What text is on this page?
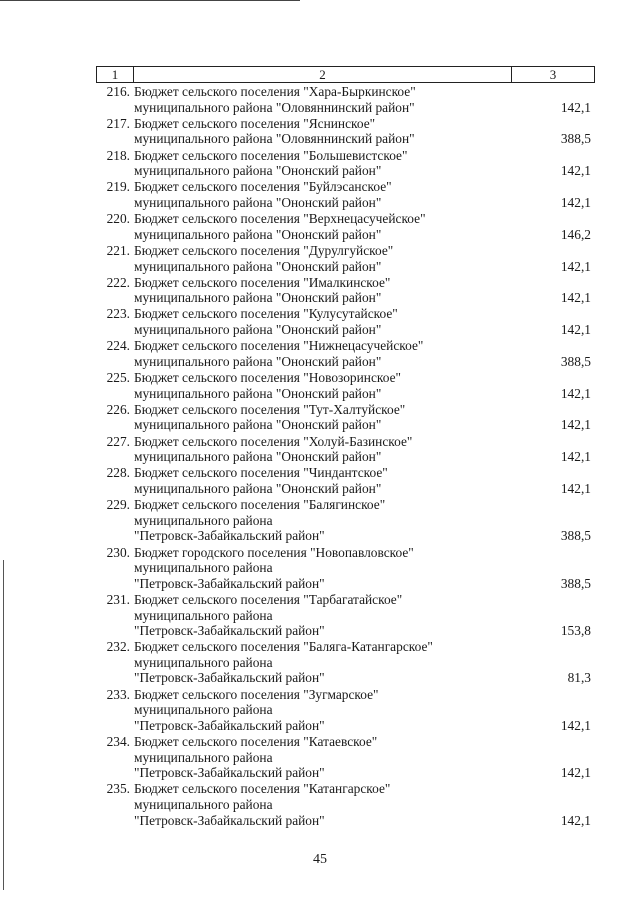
1	2	3
216. Бюджет сельского поселения "Хара-Быркинское"
муниципального района "Оловяннинский район"	142,1
217. Бюджет сельского поселения "Яснинское"
муниципального района "Оловяннинский район"	388,5
218. Бюджет сельского поселения "Большевистское"
муниципального района "Ононский район"	142,1
219. Бюджет сельского поселения "Буйлэсанское"
муниципального района "Ононский район"	142,1
220. Бюджет сельского поселения "Верхнецасучейское"
муниципального района "Ононский район"	146,2
221. Бюджет сельского поселения "Дурулгуйское"
муниципального района "Ононский район"	142,1
222. Бюджет сельского поселения "Ималкинское"
муниципального района "Ононский район"	142,1
223. Бюджет сельского поселения "Кулусутайское"
муниципального района "Ононский район"	142,1
224. Бюджет сельского поселения "Нижнецасучейское"
муниципального района "Ононский район"	388,5
225. Бюджет сельского поселения "Новозоринское"
муниципального района "Ононский район"	142,1
226. Бюджет сельского поселения "Тут-Халтуйское"
муниципального района "Ононский район"	142,1
227. Бюджет сельского поселения "Холуй-Базинское"
муниципального района "Ононский район"	142,1
228. Бюджет сельского поселения "Чиндантское"
муниципального района "Ононский район"	142,1
229. Бюджет сельского поселения "Балягинское"
муниципального района
"Петровск-Забайкальский район"	388,5
230. Бюджет городского поселения "Новопавловское"
муниципального района
"Петровск-Забайкальский район"	388,5
231. Бюджет сельского поселения "Тарбагатайское"
муниципального района
"Петровск-Забайкальский район"	153,8
232. Бюджет сельского поселения "Баляга-Катангарское"
муниципального района
"Петровск-Забайкальский район"	81,3
233. Бюджет сельского поселения "Зугмарское"
муниципального района
"Петровск-Забайкальский район"	142,1
234. Бюджет сельского поселения "Катаевское"
муниципального района
"Петровск-Забайкальский район"	142,1
235. Бюджет сельского поселения "Катангарское"
муниципального района
"Петровск-Забайкальский район"	142,1
45
